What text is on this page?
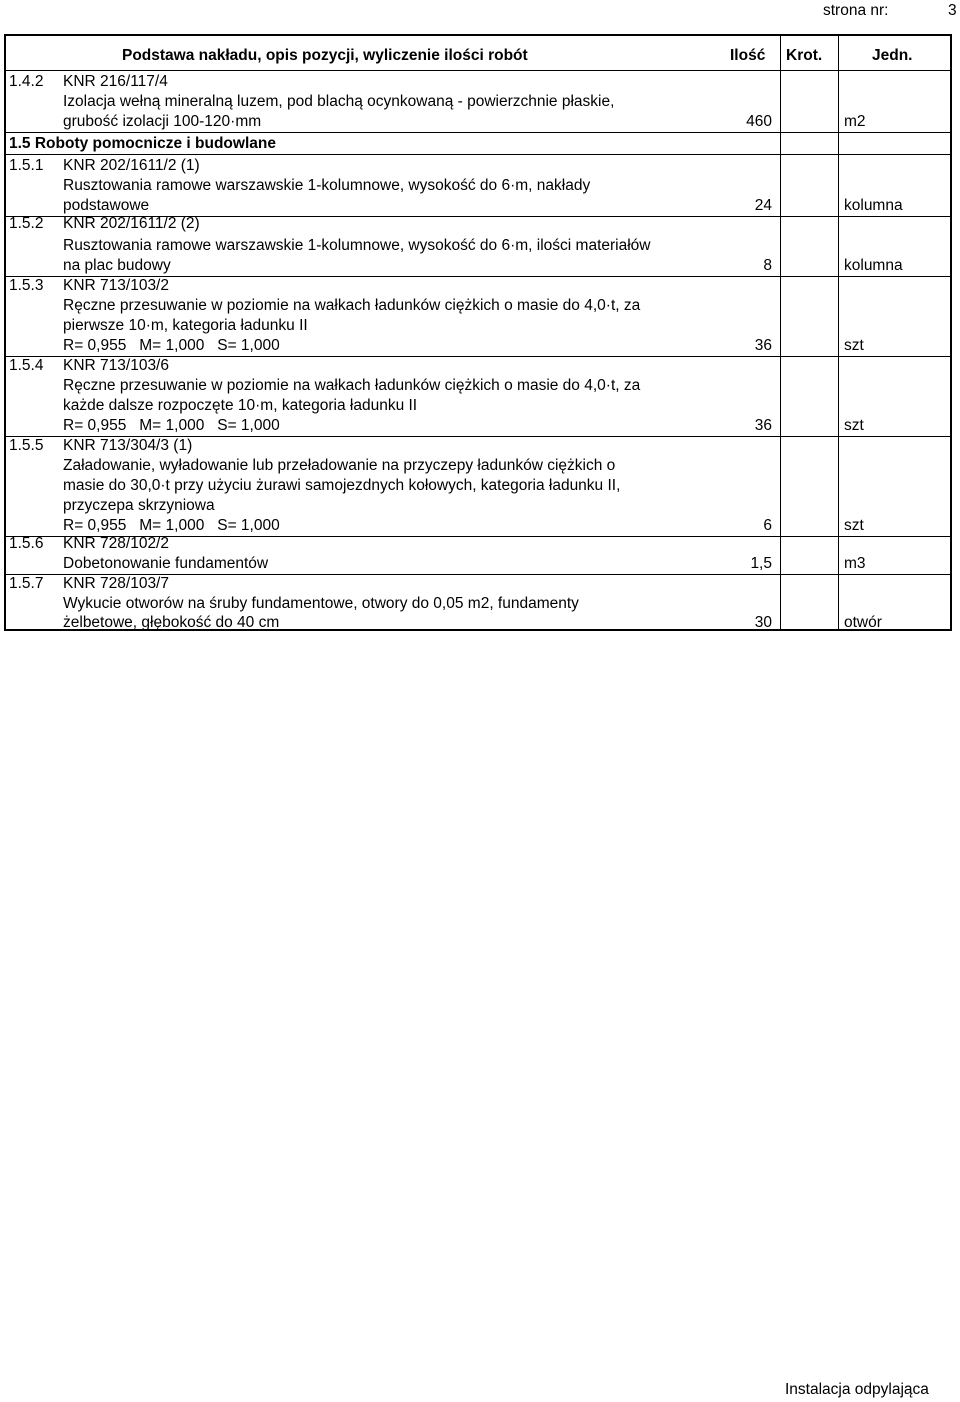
strona nr:	3
Podstawa nakładu, opis pozycji, wyliczenie ilości robót	Ilość Krot.	Jedn.
1.4.2 KNR 216/117/4
Izolacja wełną mineralną luzem, pod blachą ocynkowaną - powierzchnie płaskie,
grubość izolacji 100-120·mm	460	m2
1.5 Roboty pomocnicze i budowlane
1.5.1 KNR 202/1611/2 (1)
Rusztowania ramowe warszawskie 1-kolumnowe, wysokość do 6·m, nakłady
podstawowe	24	kolumna
1.5.2 KNR 202/1611/2 (2)
Rusztowania ramowe warszawskie 1-kolumnowe, wysokość do 6·m, ilości materiałów
na plac budowy	8	kolumna
1.5.3 KNR 713/103/2
Ręczne przesuwanie w poziomie na wałkach ładunków ciężkich o masie do 4,0·t, za
pierwsze 10·m, kategoria ładunku II
R= 0,955   M= 1,000   S= 1,000	36	szt
1.5.4 KNR 713/103/6
Ręczne przesuwanie w poziomie na wałkach ładunków ciężkich o masie do 4,0·t, za
każde dalsze rozpoczęte 10·m, kategoria ładunku II
R= 0,955   M= 1,000   S= 1,000	36	szt
1.5.5 KNR 713/304/3 (1)
Załadowanie, wyładowanie lub przeładowanie na przyczepy ładunków ciężkich o
masie do 30,0·t przy użyciu żurawi samojezdnych kołowych, kategoria ładunku II,
przyczepa skrzyniowa
R= 0,955   M= 1,000   S= 1,000	6	szt
1.5.6 KNR 728/102/2
Dobetonowanie fundamentów	1,5	m3
1.5.7 KNR 728/103/7
Wykucie otworów na śruby fundamentowe, otwory do 0,05 m2, fundamenty
żelbetowe, głębokość do 40 cm	30	otwór
Instalacja odpylająca
